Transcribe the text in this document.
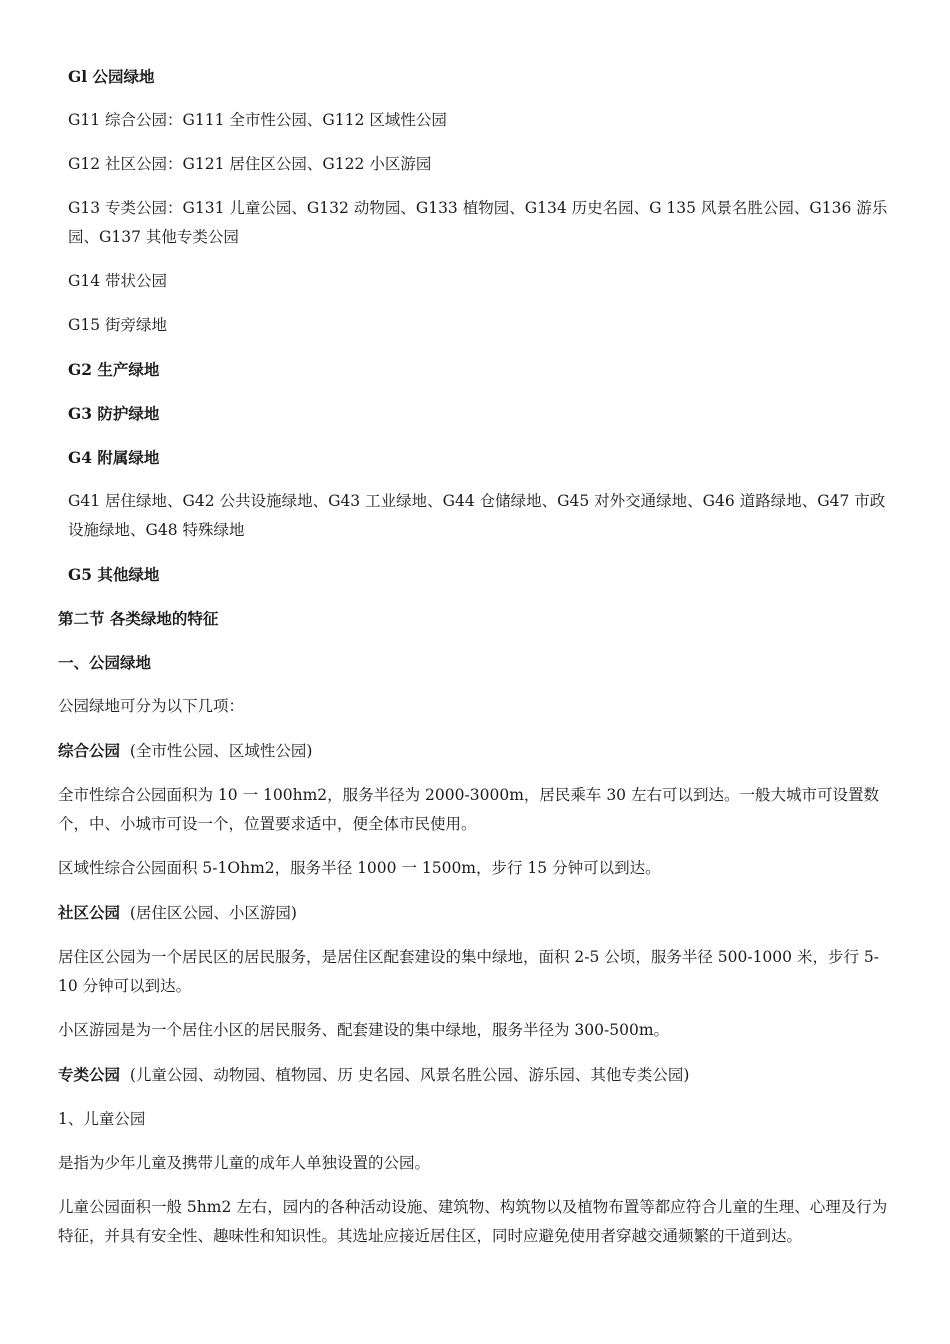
Gl 公园绿地

G11 综合公园：G111 全市性公园、G112 区域性公园

G12 社区公园：G121 居住区公园、G122 小区游园

G13 专类公园：G131 儿童公园、G132 动物园、G133 植物园、G134 历史名园、G 135 风景名胜公园、G136 游乐园、G137 其他专类公园

G14 带状公园

G15 街旁绿地

G2 生产绿地

G3 防护绿地

G4 附属绿地

G41 居住绿地、G42 公共设施绿地、G43 工业绿地、G44 仓储绿地、G45 对外交通绿地、G46 道路绿地、G47 市政设施绿地、G48 特殊绿地

G5 其他绿地

第二节 各类绿地的特征

一、公园绿地

公园绿地可分为以下几项：

综合公园 (全市性公园、区域性公园)

全市性综合公园面积为 10 一 100hm2，服务半径为 2000-3000m，居民乘车 30 左右可以到达。一般大城市可设置数个，中、小城市可设一个，位置要求适中，便全体市民使用。

区域性综合公园面积 5-1Ohm2，服务半径 1000 一 1500m，步行 15 分钟可以到达。

社区公园 (居住区公园、小区游园)

居住区公园为一个居民区的居民服务，是居住区配套建设的集中绿地，面积 2-5 公顷，服务半径 500-1000 米，步行 5-10 分钟可以到达。

小区游园是为一个居住小区的居民服务、配套建设的集中绿地，服务半径为 300-500m。

专类公园 (儿童公园、动物园、植物园、历 史名园、风景名胜公园、游乐园、其他专类公园)

1、儿童公园

是指为少年儿童及携带儿童的成年人单独设置的公园。

儿童公园面积一般 5hm2 左右，园内的各种活动设施、建筑物、构筑物以及植物布置等都应符合儿童的生理、心理及行为特征，并具有安全性、趣味性和知识性。其选址应接近居住区，同时应避免使用者穿越交通频繁的干道到达。
